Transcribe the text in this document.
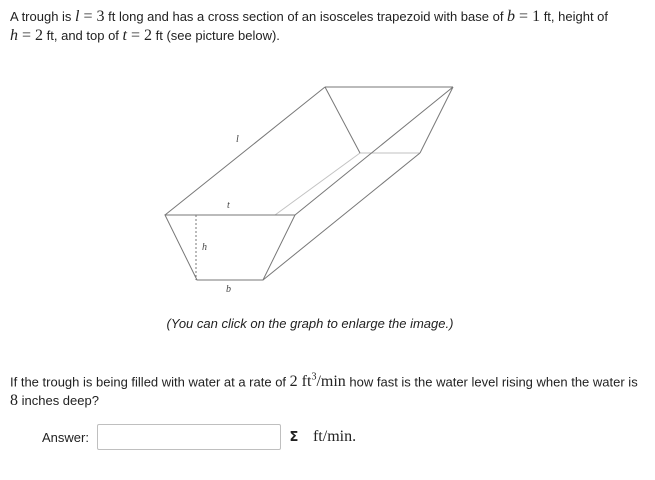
A trough is l = 3 ft long and has a cross section of an isosceles trapezoid with base of b = 1 ft, height of h = 2 ft, and top of t = 2 ft (see picture below).

l
t
h
b
(You can click on the graph to enlarge the image.)

If the trough is being filled with water at a rate of 2 $ft^3/\min$ how fast is the water level rising when the water is 8 inches deep?

Answer:	Σ ft/min.
